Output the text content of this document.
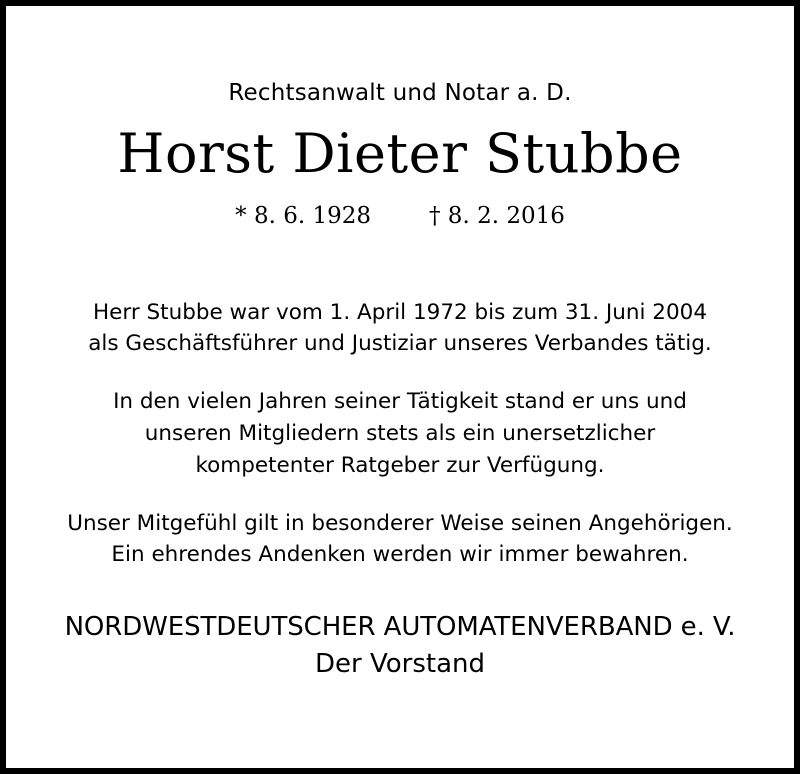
Rechtsanwalt und Notar a. D.
Horst Dieter Stubbe
* 8. 6. 1928	† 8. 2. 2016

Herr Stubbe war vom 1. April 1972 bis zum 31. Juni 2004
als Geschäftsführer und Justiziar unseres Verbandes tätig.

In den vielen Jahren seiner Tätigkeit stand er uns und
unseren Mitgliedern stets als ein unersetzlicher
kompetenter Ratgeber zur Verfügung.

Unser Mitgefühl gilt in besonderer Weise seinen Angehörigen.
Ein ehrendes Andenken werden wir immer bewahren.

NORDWESTDEUTSCHER AUTOMATENVERBAND e. V.
Der Vorstand
